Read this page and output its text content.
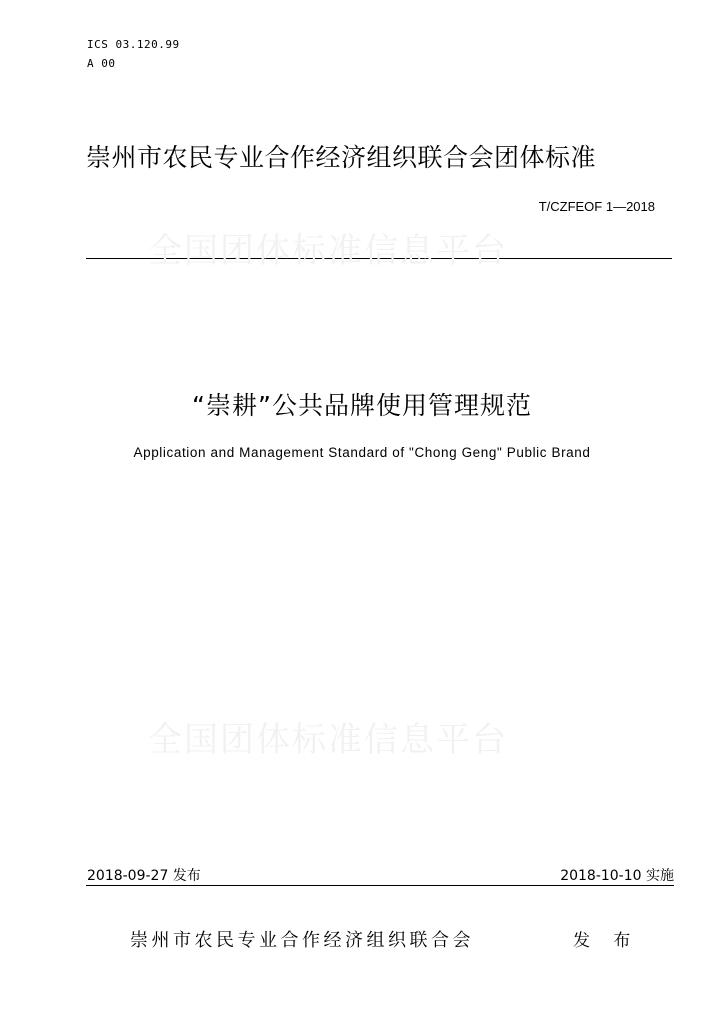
ICS 03.120.99
A 00
崇州市农民专业合作经济组织联合会团体标准
T/CZFEOF 1—2018
全国团体标准信息平台
“崇耕”公共品牌使用管理规范
Application and Management Standard of "Chong Geng" Public Brand
全国团体标准信息平台
2018-09-27 发布	2018-10-10 实施
崇州市农民专业合作经济组织联合会	发 布
